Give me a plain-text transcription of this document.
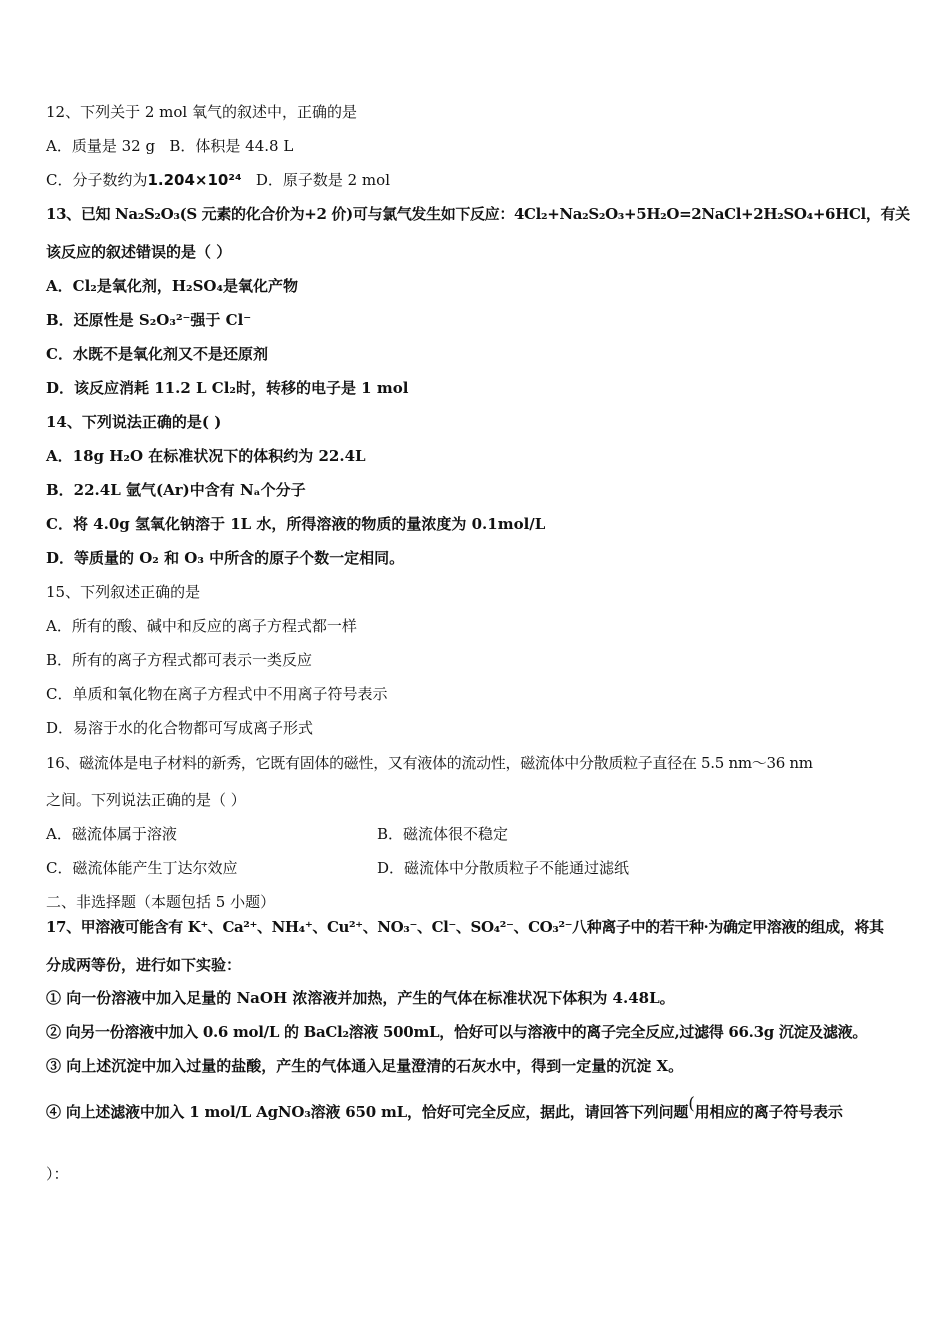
12、下列关于 2 mol 氧气的叙述中，正确的是
A．质量是 32 g B．体积是 44.8 L
C．分子数约为1.204×10²⁴ D．原子数是 2 mol
13、已知 Na₂S₂O₃(S 元素的化合价为+2 价)可与氯气发生如下反应：4Cl₂+Na₂S₂O₃+5H₂O=2NaCl+2H₂SO₄+6HCl，有关
该反应的叙述错误的是（ ）
A．Cl₂是氧化剂，H₂SO₄是氧化产物
B．还原性是 S₂O₃²⁻强于 Cl⁻
C．水既不是氧化剂又不是还原剂
D．该反应消耗 11.2 L Cl₂时，转移的电子是 1 mol
14、下列说法正确的是( )
A．18g H₂O 在标准状况下的体积约为 22.4L
B．22.4L 氩气(Ar)中含有 Nₐ个分子
C．将 4.0g 氢氧化钠溶于 1L 水，所得溶液的物质的量浓度为 0.1mol/L
D．等质量的 O₂ 和 O₃ 中所含的原子个数一定相同。
15、下列叙述正确的是
A．所有的酸、碱中和反应的离子方程式都一样
B．所有的离子方程式都可表示一类反应
C．单质和氧化物在离子方程式中不用离子符号表示
D．易溶于水的化合物都可写成离子形式
16、磁流体是电子材料的新秀，它既有固体的磁性，又有液体的流动性，磁流体中分散质粒子直径在 5.5 nm～36 nm
之间。下列说法正确的是（ ）
A．磁流体属于溶液	B．磁流体很不稳定
C．磁流体能产生丁达尔效应	D．磁流体中分散质粒子不能通过滤纸
二、非选择题（本题包括 5 小题）
17、甲溶液可能含有 K⁺、Ca²⁺、NH₄⁺、Cu²⁺、NO₃⁻、Cl⁻、SO₄²⁻、CO₃²⁻八种离子中的若干种·为确定甲溶液的组成，将其
分成两等份，进行如下实验：
① 向一份溶液中加入足量的 NaOH 浓溶液并加热，产生的气体在标准状况下体积为 4.48L。
② 向另一份溶液中加入 0.6 mol/L 的 BaCl₂溶液 500mL，恰好可以与溶液中的离子完全反应,过滤得 66.3g 沉淀及滤液。
③ 向上述沉淀中加入过量的盐酸，产生的气体通入足量澄清的石灰水中，得到一定量的沉淀 X。
④ 向上述滤液中加入 1 mol/L AgNO₃溶液 650 mL，恰好可完全反应，据此，请回答下列问题(用相应的离子符号表示
）：
